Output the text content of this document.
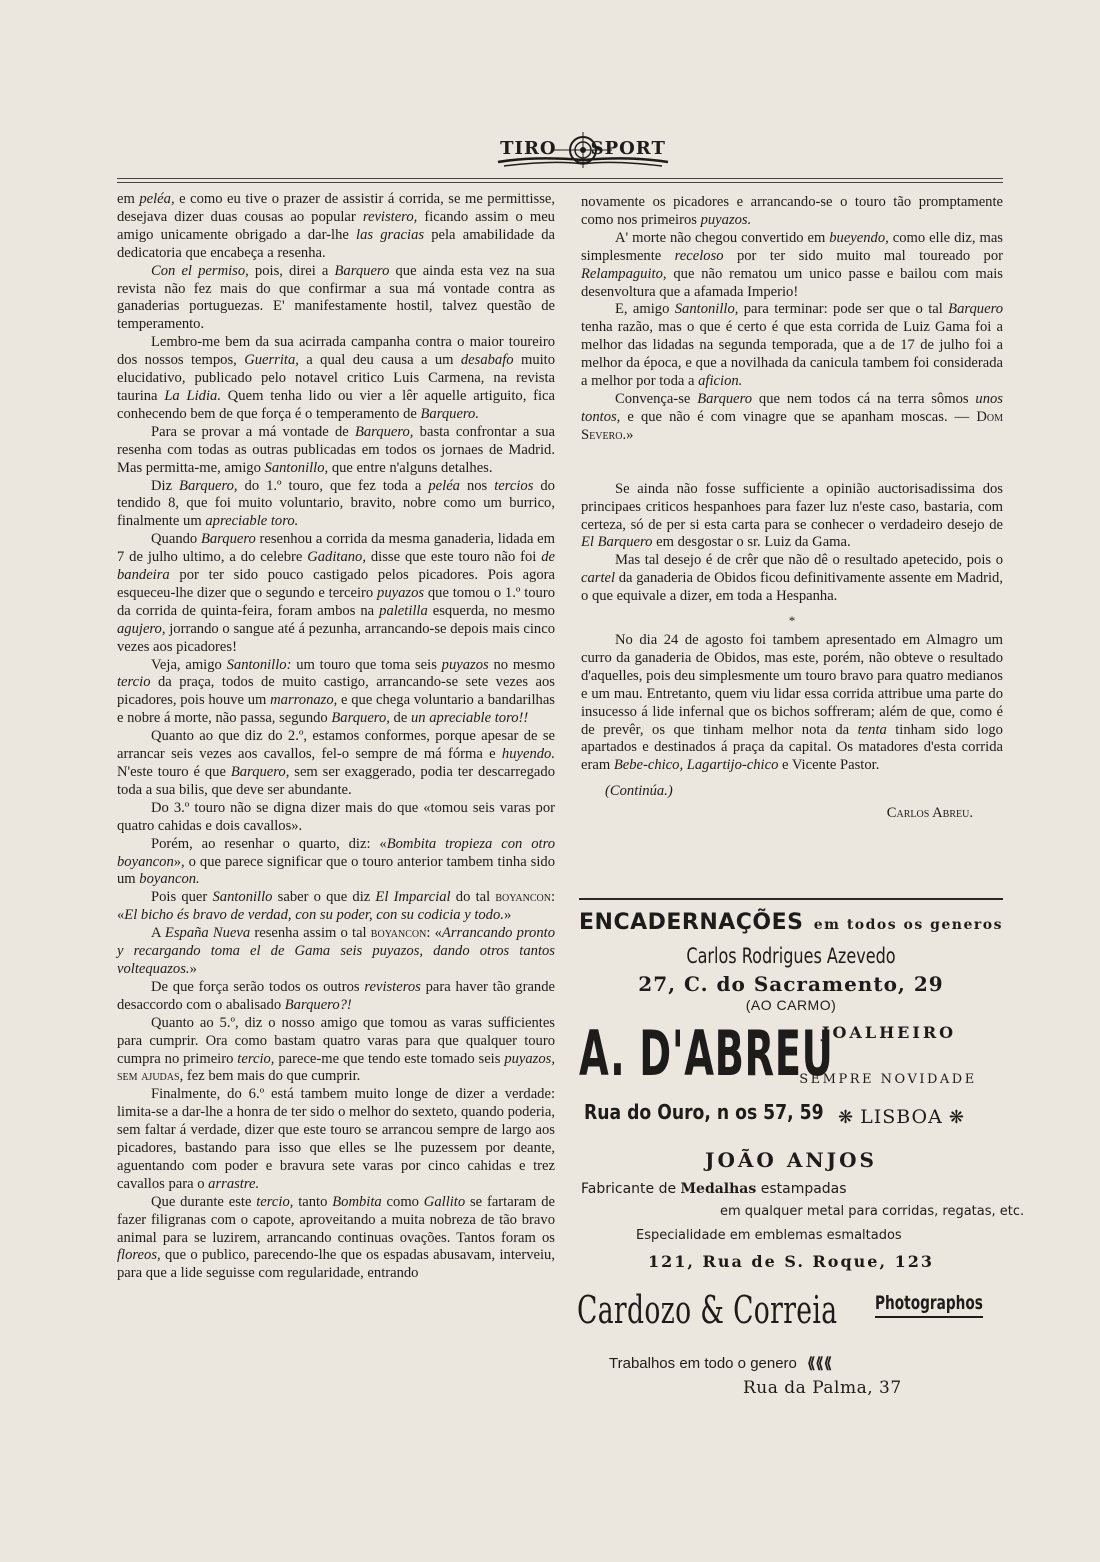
TIRO SPORT

em peléa, e como eu tive o prazer de assistir á corrida, se me permittisse, desejava dizer duas cousas ao popular revistero, ficando assim o meu amigo unicamente obrigado a dar-lhe las gracias pela amabilidade da dedicatoria que encabeça a resenha.

Con el permiso, pois, direi a Barquero que ainda esta vez na sua revista não fez mais do que confirmar a sua má vontade contra as ganaderias portuguezas. E' manifestamente hostil, talvez questão de temperamento.

Lembro-me bem da sua acirrada campanha contra o maior toureiro dos nossos tempos, Guerrita, a qual deu causa a um desabafo muito elucidativo, publicado pelo notavel critico Luis Carmena, na revista taurina La Lidia. Quem tenha lido ou vier a lêr aquelle artiguito, fica conhecendo bem de que força é o temperamento de Barquero.

Para se provar a má vontade de Barquero, basta confrontar a sua resenha com todas as outras publicadas em todos os jornaes de Madrid. Mas permitta-me, amigo Santonillo, que entre n'alguns detalhes.

Diz Barquero, do 1.º touro, que fez toda a peléa nos tercios do tendido 8, que foi muito voluntario, bravito, nobre como um burrico, finalmente um apreciable toro.

Quando Barquero resenhou a corrida da mesma ganaderia, lidada em 7 de julho ultimo, a do celebre Gaditano, disse que este touro não foi de bandeira por ter sido pouco castigado pelos picadores. Pois agora esqueceu-lhe dizer que o segundo e terceiro puyazos que tomou o 1.º touro da corrida de quinta-feira, foram ambos na paletilla esquerda, no mesmo agujero, jorrando o sangue até á pezunha, arrancando-se depois mais cinco vezes aos picadores!

Veja, amigo Santonillo: um touro que toma seis puyazos no mesmo tercio da praça, todos de muito castigo, arrancando-se sete vezes aos picadores, pois houve um marronazo, e que chega voluntario a bandarilhas e nobre á morte, não passa, segundo Barquero, de un apreciable toro!!

Quanto ao que diz do 2.º, estamos conformes, porque apesar de se arrancar seis vezes aos cavallos, fel-o sempre de má fórma e huyendo. N'este touro é que Barquero, sem ser exaggerado, podia ter descarregado toda a sua bilis, que deve ser abundante.

Do 3.º touro não se digna dizer mais do que «tomou seis varas por quatro cahidas e dois cavallos».

Porém, ao resenhar o quarto, diz: «Bombita tropieza con otro boyancon», o que parece significar que o touro anterior tambem tinha sido um boyancon.

Pois quer Santonillo saber o que diz El Imparcial do tal boyancon: «El bicho és bravo de verdad, con su poder, con su codicia y todo.»

A España Nueva resenha assim o tal boyancon: «Arrancando pronto y recargando toma el de Gama seis puyazos, dando otros tantos voltequazos.»

De que força serão todos os outros revisteros para haver tão grande desaccordo com o abalisado Barquero?!

Quanto ao 5.º, diz o nosso amigo que tomou as varas sufficientes para cumprir. Ora como bastam quatro varas para que qualquer touro cumpra no primeiro tercio, parece-me que tendo este tomado seis puyazos, sem ajudas, fez bem mais do que cumprir.

Finalmente, do 6.º está tambem muito longe de dizer a verdade: limita-se a dar-lhe a honra de ter sido o melhor do sexteto, quando poderia, sem faltar á verdade, dizer que este touro se arrancou sempre de largo aos picadores, bastando para isso que elles se lhe puzessem por deante, aguentando com poder e bravura sete varas por cinco cahidas e trez cavallos para o arrastre.

Que durante este tercio, tanto Bombita como Gallito se fartaram de fazer filigranas com o capote, aproveitando a muita nobreza de tão bravo animal para se luzirem, arrancando continuas ovações. Tantos foram os floreos, que o publico, parecendo-lhe que os espadas abusavam, interveiu, para que a lide seguisse com regularidade, entrando

novamente os picadores e arrancando-se o touro tão promptamente como nos primeiros puyazos.

A' morte não chegou convertido em bueyendo, como elle diz, mas simplesmente receloso por ter sido muito mal toureado por Relampaguito, que não rematou um unico passe e bailou com mais desenvoltura que a afamada Imperio!

E, amigo Santonillo, para terminar: pode ser que o tal Barquero tenha razão, mas o que é certo é que esta corrida de Luiz Gama foi a melhor das lidadas na segunda temporada, que a de 17 de julho foi a melhor da época, e que a novilhada da canicula tambem foi considerada a melhor por toda a aficion.

Convença-se Barquero que nem todos cá na terra sômos unos tontos, e que não é com vinagre que se apanham moscas. — Dom Severo.»

Se ainda não fosse sufficiente a opinião auctorisadissima dos principaes criticos hespanhoes para fazer luz n'este caso, bastaria, com certeza, só de per si esta carta para se conhecer o verdadeiro desejo de El Barquero em desgostar o sr. Luiz da Gama.

Mas tal desejo é de crêr que não dê o resultado apetecido, pois o cartel da ganaderia de Obidos ficou definitivamente assente em Madrid, o que equivale a dizer, em toda a Hespanha.

*

No dia 24 de agosto foi tambem apresentado em Almagro um curro da ganaderia de Obidos, mas este, porém, não obteve o resultado d'aquelles, pois deu simplesmente um touro bravo para quatro medianos e um mau. Entretanto, quem viu lidar essa corrida attribue uma parte do insucesso á lide infernal que os bichos soffreram; além de que, como é de prevêr, os que tinham melhor nota da tenta tinham sido logo apartados e destinados á praça da capital. Os matadores d'esta corrida eram Bebe-chico, Lagartijo-chico e Vicente Pastor.

(Continúa.)
Carlos Abreu.
ENCADERNAÇÕES em todos os generos
Carlos Rodrigues Azevedo
27, C. do Sacramento, 29
(AO CARMO)
A. D'ABREU
JOALHEIRO
SEMPRE NOVIDADE
Rua do Ouro, n os 57, 59 ❋ LISBOA ❋
JOÃO ANJOS
Fabricante de Medalhas estampadas
em qualquer metal para corridas, regatas, etc.
Especialidade em emblemas esmaltados
121, Rua de S. Roque, 123
Cardozo & Correia Photographos
Trabalhos em todo o genero ⟪⟪⟪
Rua da Palma, 37
